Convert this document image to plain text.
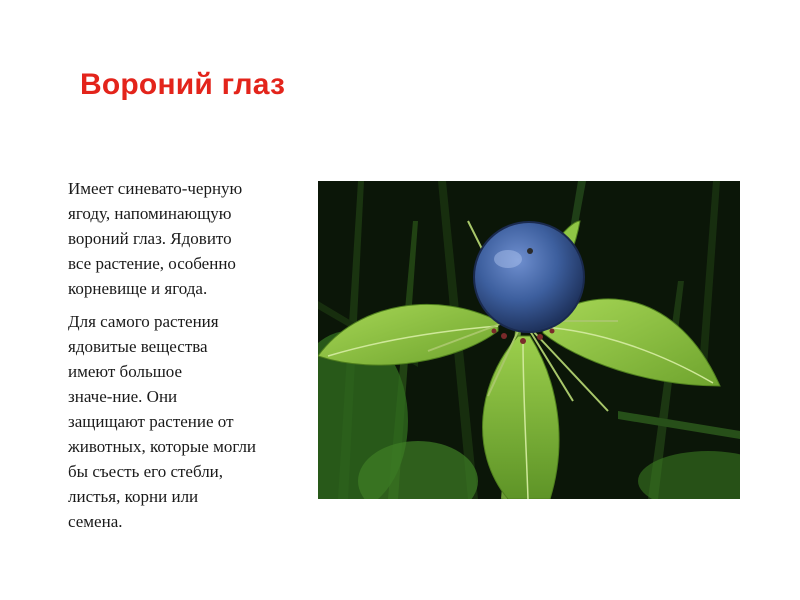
Вороний глаз

Имеет синевато-черную
ягоду, напоминающую
вороний глаз. Ядовито
все растение, особенно
корневище и ягода.

Для самого растения
ядовитые вещества
имеют большое
значе-ние. Они
защищают растение от
животных, которые могли
бы съесть его стебли,
листья, корни или
семена.
